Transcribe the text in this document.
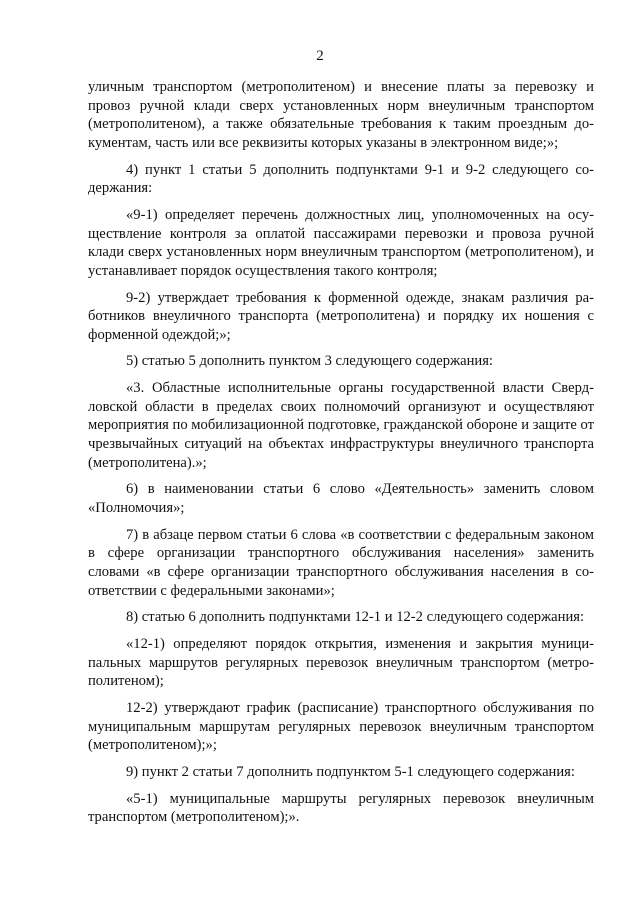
2

уличным транспортом (метрополитеном) и внесение платы за перевозку и провоз ручной клади сверх установленных норм внеуличным транспортом (метрополитеном), а также обязательные требования к таким проездным документам, часть или все реквизиты которых указаны в электронном виде;»;

4) пункт 1 статьи 5 дополнить подпунктами 9-1 и 9-2 следующего содержания:

«9-1) определяет перечень должностных лиц, уполномоченных на осуществление контроля за оплатой пассажирами перевозки и провоза ручной клади сверх установленных норм внеуличным транспортом (метрополитеном), и устанавливает порядок осуществления такого контроля;

9-2) утверждает требования к форменной одежде, знакам различия работников внеуличного транспорта (метрополитена) и порядку их ношения с форменной одеждой;»;

5) статью 5 дополнить пунктом 3 следующего содержания:

«3. Областные исполнительные органы государственной власти Свердловской области в пределах своих полномочий организуют и осуществляют мероприятия по мобилизационной подготовке, гражданской обороне и защите от чрезвычайных ситуаций на объектах инфраструктуры внеуличного транспорта (метрополитена).»;

6) в наименовании статьи 6 слово «Деятельность» заменить словом «Полномочия»;

7) в абзаце первом статьи 6 слова «в соответствии с федеральным законом в сфере организации транспортного обслуживания населения» заменить словами «в сфере организации транспортного обслуживания населения в соответствии с федеральными законами»;

8) статью 6 дополнить подпунктами 12-1 и 12-2 следующего содержания:

«12-1) определяют порядок открытия, изменения и закрытия муниципальных маршрутов регулярных перевозок внеуличным транспортом (метрополитеном);

12-2) утверждают график (расписание) транспортного обслуживания по муниципальным маршрутам регулярных перевозок внеуличным транспортом (метрополитеном);»;

9) пункт 2 статьи 7 дополнить подпунктом 5-1 следующего содержания:

«5-1) муниципальные маршруты регулярных перевозок внеуличным транспортом (метрополитеном);».
